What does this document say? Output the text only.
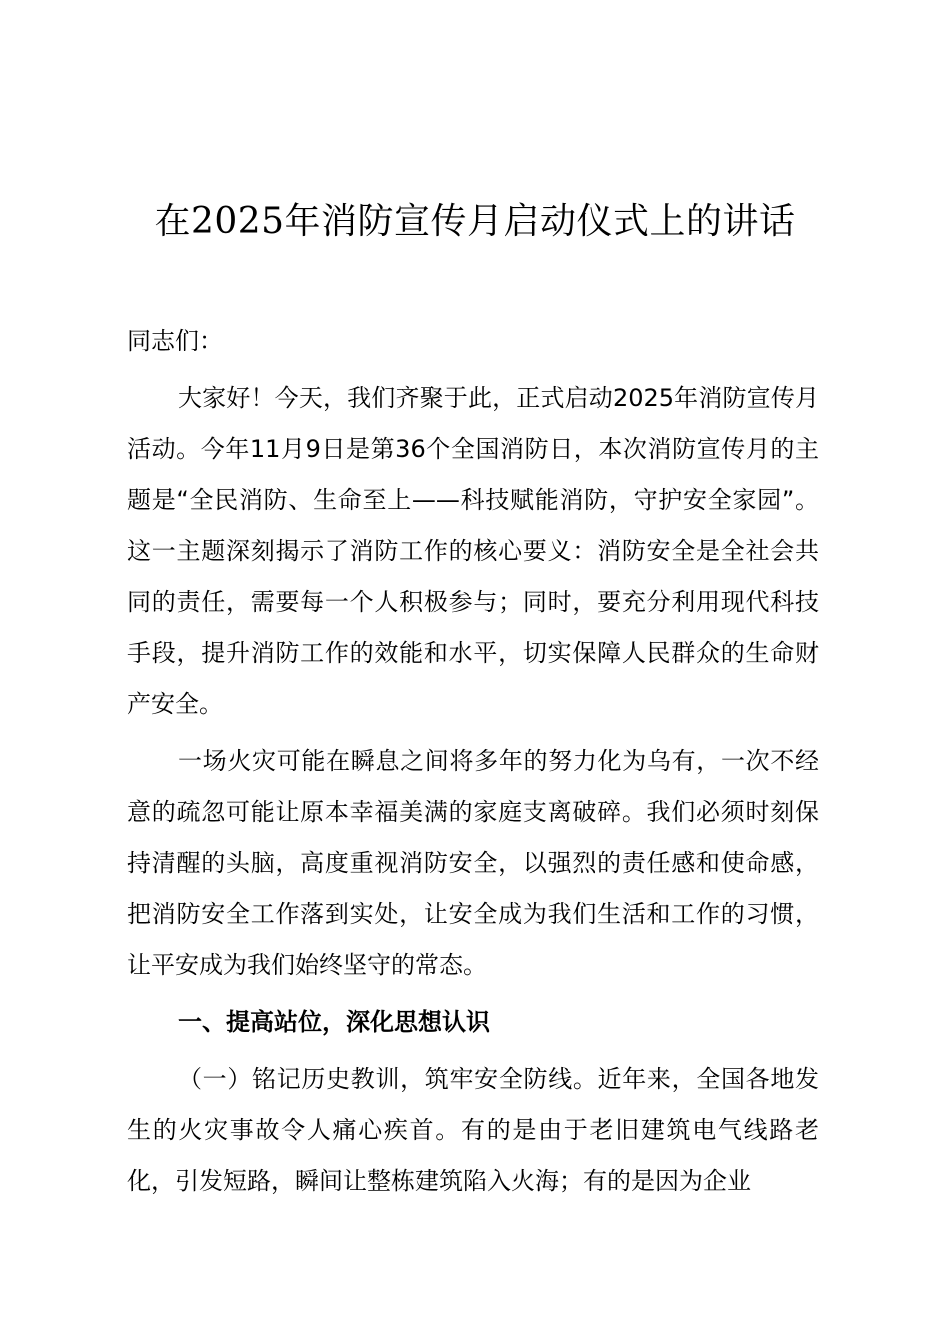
在2025年消防宣传月启动仪式上的讲话

同志们：

大家好！今天，我们齐聚于此，正式启动2025年消防宣传月活动。今年11月9日是第36个全国消防日，本次消防宣传月的主题是“全民消防、生命至上——科技赋能消防，守护安全家园”。这一主题深刻揭示了消防工作的核心要义：消防安全是全社会共同的责任，需要每一个人积极参与；同时，要充分利用现代科技手段，提升消防工作的效能和水平，切实保障人民群众的生命财产安全。

一场火灾可能在瞬息之间将多年的努力化为乌有，一次不经意的疏忽可能让原本幸福美满的家庭支离破碎。我们必须时刻保持清醒的头脑，高度重视消防安全，以强烈的责任感和使命感，把消防安全工作落到实处，让安全成为我们生活和工作的习惯，让平安成为我们始终坚守的常态。

一、提高站位，深化思想认识

（一）铭记历史教训，筑牢安全防线。近年来，全国各地发生的火灾事故令人痛心疾首。有的是由于老旧建筑电气线路老化，引发短路，瞬间让整栋建筑陷入火海；有的是因为企业
